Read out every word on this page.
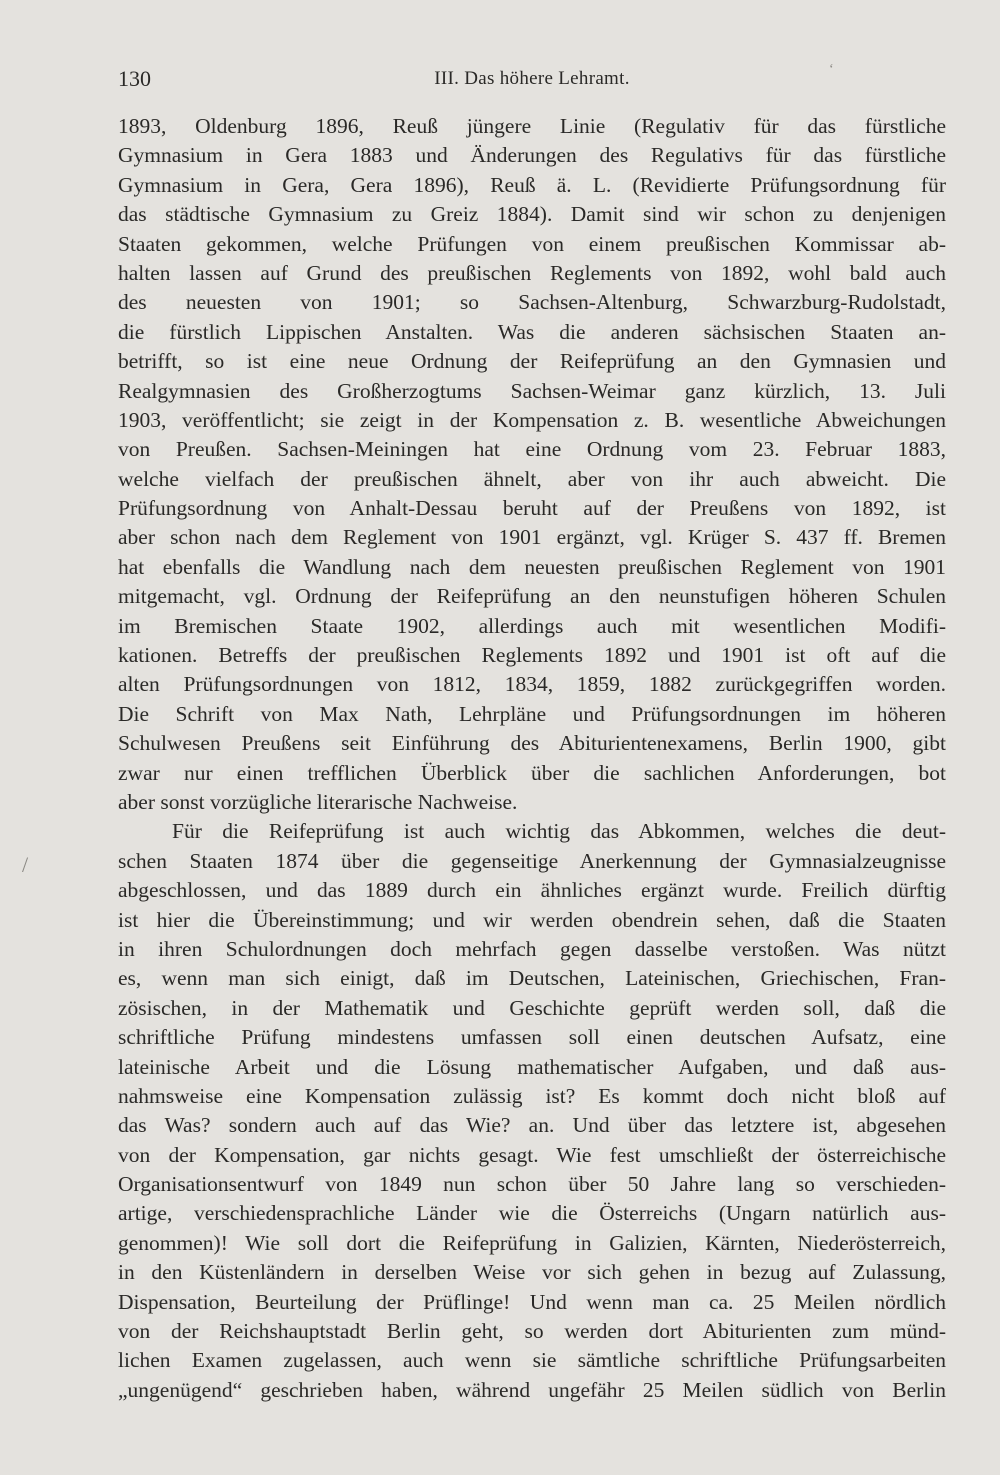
130	III. Das höhere Lehramt.	ʻ
/
1893, Oldenburg 1896, Reuß jüngere Linie (Regulativ für das fürstliche
Gymnasium in Gera 1883 und Änderungen des Regulativs für das fürstliche
Gymnasium in Gera, Gera 1896), Reuß ä. L. (Revidierte Prüfungsordnung für
das städtische Gymnasium zu Greiz 1884). Damit sind wir schon zu denjenigen
Staaten gekommen, welche Prüfungen von einem preußischen Kommissar ab-
halten lassen auf Grund des preußischen Reglements von 1892, wohl bald auch
des neuesten von 1901; so Sachsen-Altenburg, Schwarzburg-Rudolstadt,
die fürstlich Lippischen Anstalten. Was die anderen sächsischen Staaten an-
betrifft, so ist eine neue Ordnung der Reifeprüfung an den Gymnasien und
Realgymnasien des Großherzogtums Sachsen-Weimar ganz kürzlich, 13. Juli
1903, veröffentlicht; sie zeigt in der Kompensation z. B. wesentliche Abweichungen
von Preußen. Sachsen-Meiningen hat eine Ordnung vom 23. Februar 1883,
welche vielfach der preußischen ähnelt, aber von ihr auch abweicht. Die
Prüfungsordnung von Anhalt-Dessau beruht auf der Preußens von 1892, ist
aber schon nach dem Reglement von 1901 ergänzt, vgl. Krüger S. 437 ff. Bremen
hat ebenfalls die Wandlung nach dem neuesten preußischen Reglement von 1901
mitgemacht, vgl. Ordnung der Reifeprüfung an den neunstufigen höheren Schulen
im Bremischen Staate 1902, allerdings auch mit wesentlichen Modifi-
kationen. Betreffs der preußischen Reglements 1892 und 1901 ist oft auf die
alten Prüfungsordnungen von 1812, 1834, 1859, 1882 zurückgegriffen worden.
Die Schrift von Max Nath, Lehrpläne und Prüfungsordnungen im höheren
Schulwesen Preußens seit Einführung des Abiturientenexamens, Berlin 1900, gibt
zwar nur einen trefflichen Überblick über die sachlichen Anforderungen, bot
aber sonst vorzügliche literarische Nachweise.
Für die Reifeprüfung ist auch wichtig das Abkommen, welches die deut-
schen Staaten 1874 über die gegenseitige Anerkennung der Gymnasialzeugnisse
abgeschlossen, und das 1889 durch ein ähnliches ergänzt wurde. Freilich dürftig
ist hier die Übereinstimmung; und wir werden obendrein sehen, daß die Staaten
in ihren Schulordnungen doch mehrfach gegen dasselbe verstoßen. Was nützt
es, wenn man sich einigt, daß im Deutschen, Lateinischen, Griechischen, Fran-
zösischen, in der Mathematik und Geschichte geprüft werden soll, daß die
schriftliche Prüfung mindestens umfassen soll einen deutschen Aufsatz, eine
lateinische Arbeit und die Lösung mathematischer Aufgaben, und daß aus-
nahmsweise eine Kompensation zulässig ist? Es kommt doch nicht bloß auf
das Was? sondern auch auf das Wie? an. Und über das letztere ist, abgesehen
von der Kompensation, gar nichts gesagt. Wie fest umschließt der österreichische
Organisationsentwurf von 1849 nun schon über 50 Jahre lang so verschieden-
artige, verschiedensprachliche Länder wie die Österreichs (Ungarn natürlich aus-
genommen)! Wie soll dort die Reifeprüfung in Galizien, Kärnten, Niederösterreich,
in den Küstenländern in derselben Weise vor sich gehen in bezug auf Zulassung,
Dispensation, Beurteilung der Prüflinge! Und wenn man ca. 25 Meilen nördlich
von der Reichshauptstadt Berlin geht, so werden dort Abiturienten zum münd-
lichen Examen zugelassen, auch wenn sie sämtliche schriftliche Prüfungsarbeiten
„ungenügend“ geschrieben haben, während ungefähr 25 Meilen südlich von Berlin
